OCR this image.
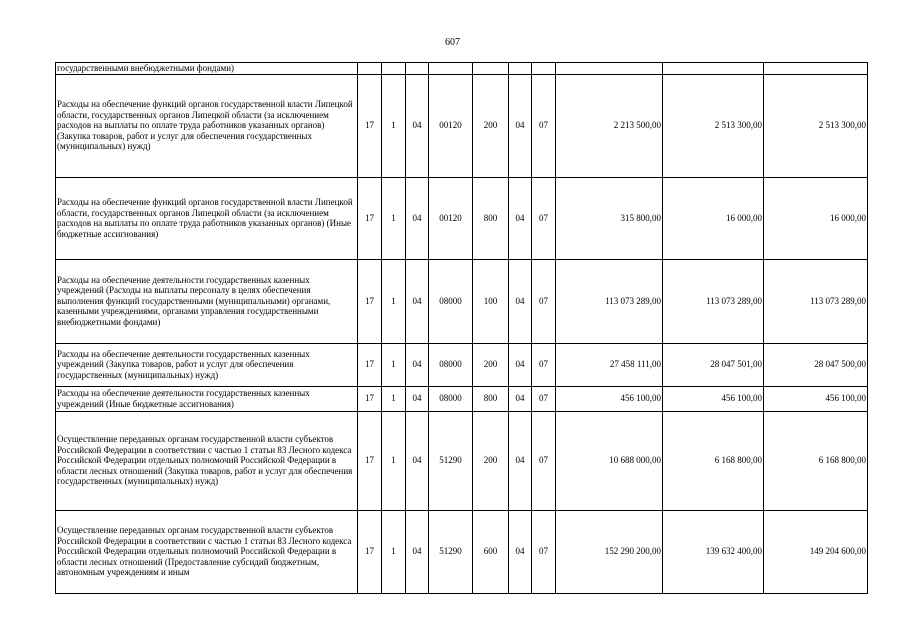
607
государственными внебюджетными фондами)										
Расходы на обеспечение функций органов государственной власти Липецкой области, государственных органов Липецкой области (за исключением расходов на выплаты по оплате труда работников указанных органов) (Закупка товаров, работ и услуг для обеспечения государственных (муниципальных) нужд)	17	1	04	00120	200	04	07	2 213 500,00	2 513 300,00	2 513 300,00
Расходы на обеспечение функций органов государственной власти Липецкой области, государственных органов Липецкой области (за исключением расходов на выплаты по оплате труда работников указанных органов) (Иные бюджетные ассигнования)	17	1	04	00120	800	04	07	315 800,00	16 000,00	16 000,00
Расходы на обеспечение деятельности государственных казенных учреждений (Расходы на выплаты персоналу в целях обеспечения выполнения функций государственными (муниципальными) органами, казенными учреждениями, органами управления государственными внебюджетными фондами)	17	1	04	08000	100	04	07	113 073 289,00	113 073 289,00	113 073 289,00
Расходы на обеспечение деятельности государственных казенных учреждений (Закупка товаров, работ и услуг для обеспечения государственных (муниципальных) нужд)	17	1	04	08000	200	04	07	27 458 111,00	28 047 501,00	28 047 500,00
Расходы на обеспечение деятельности государственных казенных учреждений (Иные бюджетные ассигнования)	17	1	04	08000	800	04	07	456 100,00	456 100,00	456 100,00
Осуществление переданных органам государственной власти субъектов Российской Федерации в соответствии с частью 1 статьи 83 Лесного кодекса Российской Федерации отдельных полномочий Российской Федерации в области лесных отношений (Закупка товаров, работ и услуг для обеспечения государственных (муниципальных) нужд)	17	1	04	51290	200	04	07	10 688 000,00	6 168 800,00	6 168 800,00
Осуществление переданных органам государственной власти субъектов Российской Федерации в соответствии с частью 1 статьи 83 Лесного кодекса Российской Федерации отдельных полномочий Российской Федерации в области лесных отношений (Предоставление субсидий бюджетным, автономным учреждениям и иным	17	1	04	51290	600	04	07	152 290 200,00	139 632 400,00	149 204 600,00
